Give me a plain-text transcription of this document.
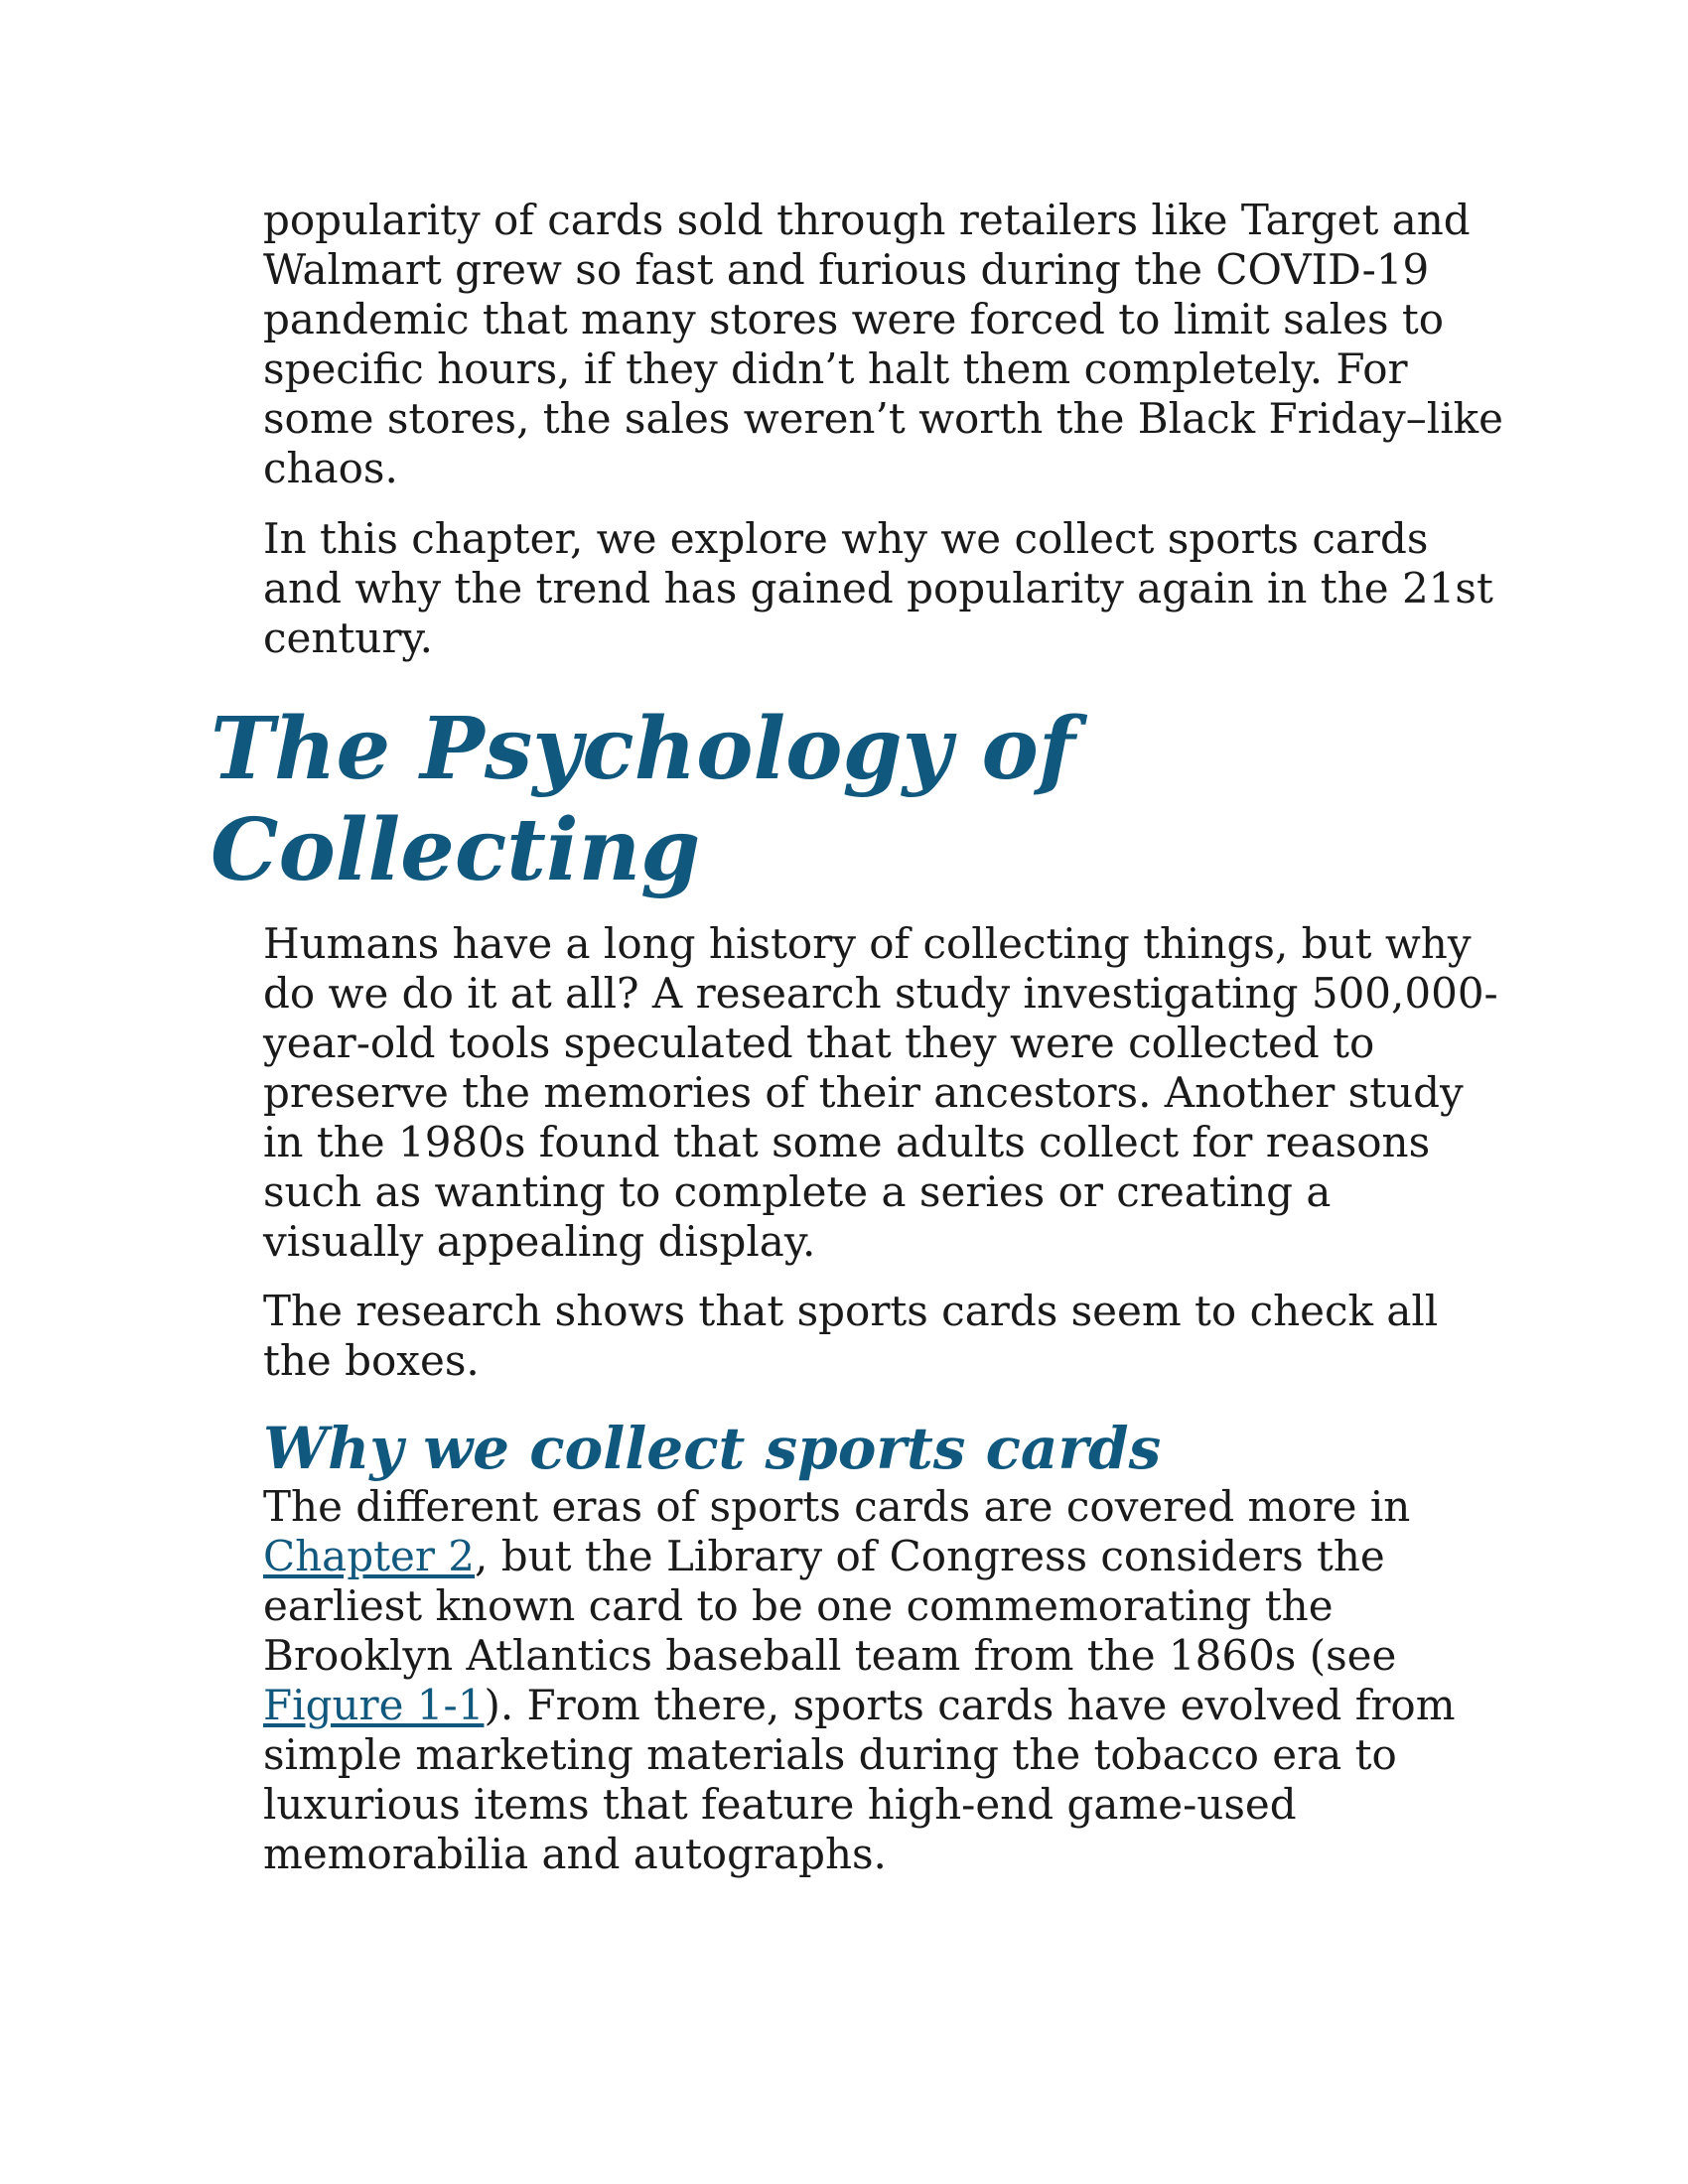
popularity of cards sold through retailers like Target and Walmart grew so fast and furious during the COVID-19 pandemic that many stores were forced to limit sales to specific hours, if they didn’t halt them completely. For some stores, the sales weren’t worth the Black Friday–like chaos.

In this chapter, we explore why we collect sports cards and why the trend has gained popularity again in the 21st century.

The Psychology of
Collecting

Humans have a long history of collecting things, but why do we do it at all? A research study investigating 500,000-year-old tools speculated that they were collected to preserve the memories of their ancestors. Another study in the 1980s found that some adults collect for reasons such as wanting to complete a series or creating a visually appealing display.

The research shows that sports cards seem to check all the boxes.

Why we collect sports cards

The different eras of sports cards are covered more in Chapter 2, but the Library of Congress considers the earliest known card to be one commemorating the Brooklyn Atlantics baseball team from the 1860s (see Figure 1-1). From there, sports cards have evolved from simple marketing materials during the tobacco era to luxurious items that feature high-end game-used memorabilia and autographs.
